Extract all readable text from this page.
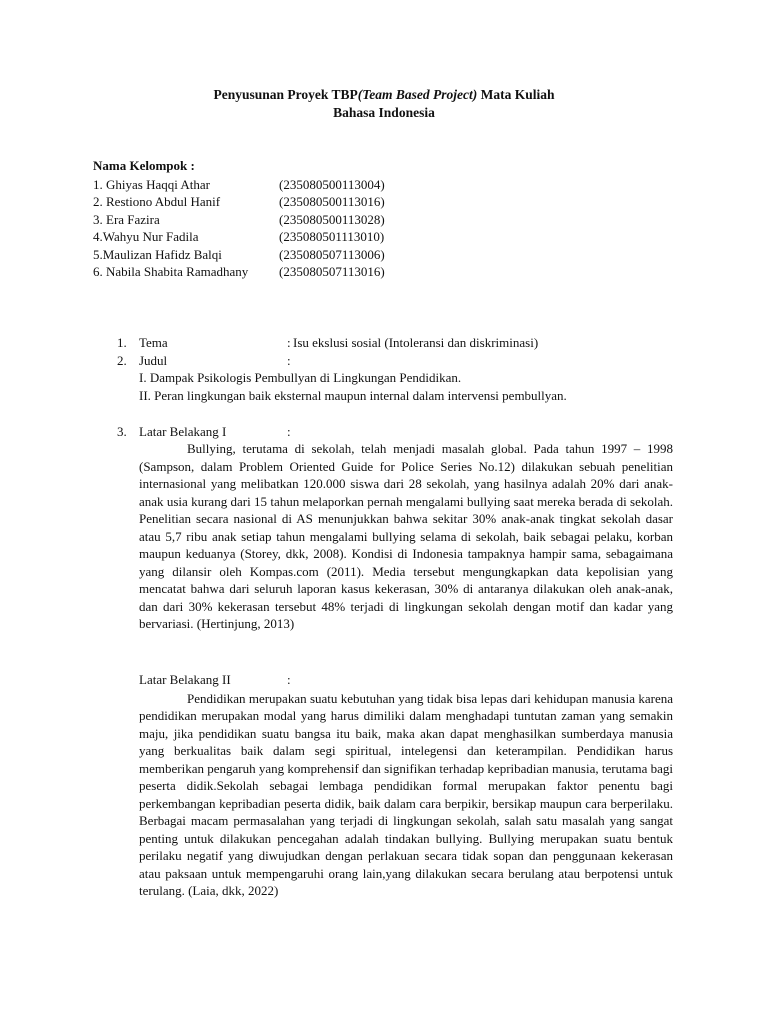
Penyusunan Proyek TBP(Team Based Project) Mata Kuliah
Bahasa Indonesia
Nama Kelompok :
1. Ghiyas Haqqi Athar	(235080500113004)
2. Restiono Abdul Hanif	(235080500113016)
3. Era Fazira	(235080500113028)
4.Wahyu Nur Fadila	(235080501113010)
5.Maulizan Hafidz Balqi	(235080507113006)
6. Nabila Shabita Ramadhany	(235080507113016)
1. Tema	: Isu ekslusi sosial (Intoleransi dan diskriminasi)
2. Judul	:
I. Dampak Psikologis Pembullyan di Lingkungan Pendidikan.
II. Peran lingkungan baik eksternal maupun internal dalam intervensi pembullyan.
3. Latar Belakang I	:

Bullying, terutama di sekolah, telah menjadi masalah global. Pada tahun 1997 – 1998 (Sampson, dalam Problem Oriented Guide for Police Series No.12) dilakukan sebuah penelitian internasional yang melibatkan 120.000 siswa dari 28 sekolah, yang hasilnya adalah 20% dari anak-anak usia kurang dari 15 tahun melaporkan pernah mengalami bullying saat mereka berada di sekolah. Penelitian secara nasional di AS menunjukkan bahwa sekitar 30% anak-anak tingkat sekolah dasar atau 5,7 ribu anak setiap tahun mengalami bullying selama di sekolah, baik sebagai pelaku, korban maupun keduanya (Storey, dkk, 2008). Kondisi di Indonesia tampaknya hampir sama, sebagaimana yang dilansir oleh Kompas.com (2011). Media tersebut mengungkapkan data kepolisian yang mencatat bahwa dari seluruh laporan kasus kekerasan, 30% di antaranya dilakukan oleh anak-anak, dan dari 30% kekerasan tersebut 48% terjadi di lingkungan sekolah dengan motif dan kadar yang bervariasi. (Hertinjung, 2013)

Latar Belakang II	:

Pendidikan merupakan suatu kebutuhan yang tidak bisa lepas dari kehidupan manusia karena pendidikan merupakan modal yang harus dimiliki dalam menghadapi tuntutan zaman yang semakin maju, jika pendidikan suatu bangsa itu baik, maka akan dapat menghasilkan sumberdaya manusia yang berkualitas baik dalam segi spiritual, intelegensi dan keterampilan. Pendidikan harus memberikan pengaruh yang komprehensif dan signifikan terhadap kepribadian manusia, terutama bagi peserta didik.Sekolah sebagai lembaga pendidikan formal merupakan faktor penentu bagi perkembangan kepribadian peserta didik, baik dalam cara berpikir, bersikap maupun cara berperilaku. Berbagai macam permasalahan yang terjadi di lingkungan sekolah, salah satu masalah yang sangat penting untuk dilakukan pencegahan adalah tindakan bullying. Bullying merupakan suatu bentuk perilaku negatif yang diwujudkan dengan perlakuan secara tidak sopan dan penggunaan kekerasan atau paksaan untuk mempengaruhi orang lain,yang dilakukan secara berulang atau berpotensi untuk terulang. (Laia, dkk, 2022)
